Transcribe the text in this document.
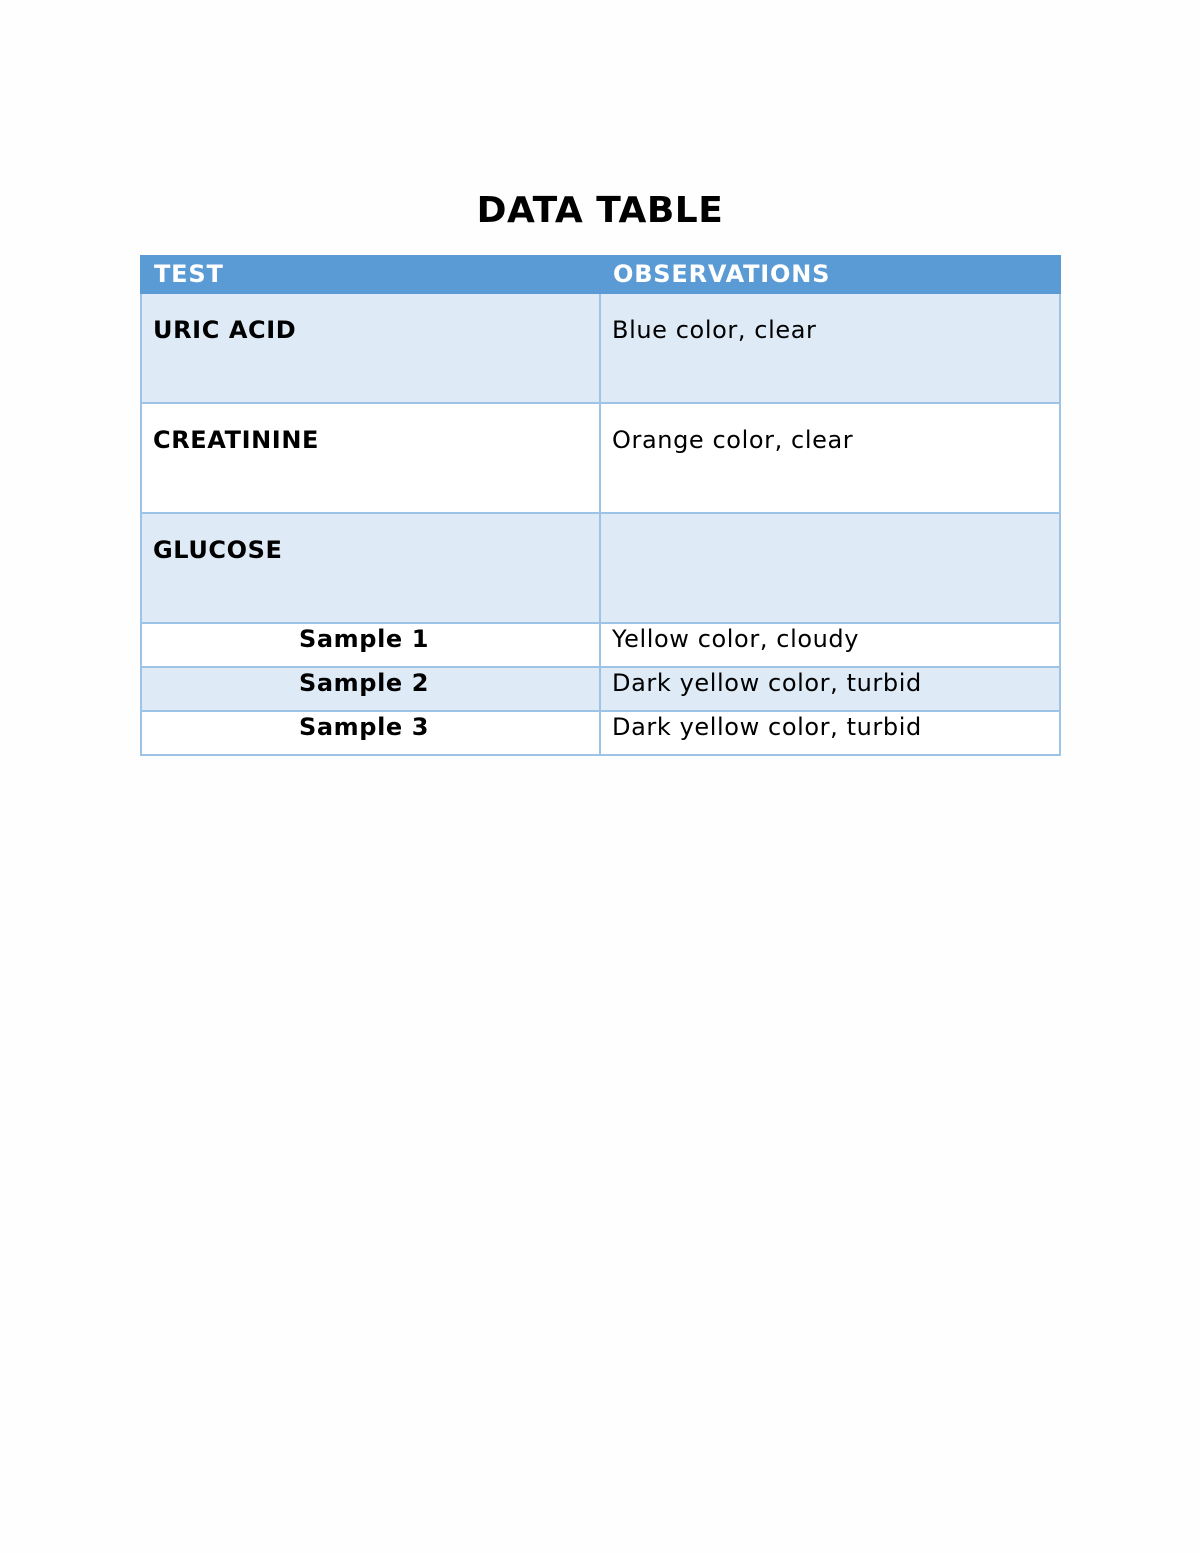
DATA TABLE
TEST	OBSERVATIONS
URIC ACID	Blue color, clear
CREATININE	Orange color, clear
GLUCOSE	
Sample 1	Yellow color, cloudy
Sample 2	Dark yellow color, turbid
Sample 3	Dark yellow color, turbid
